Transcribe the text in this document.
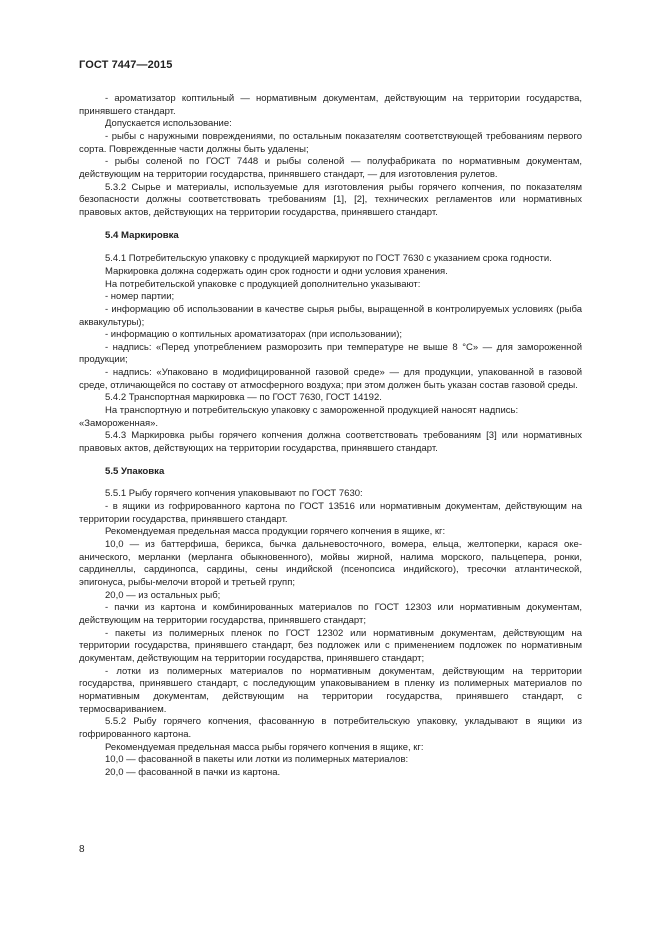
ГОСТ 7447—2015

- ароматизатор коптильный — нормативным документам, действующим на территории государства, принявшего стандарт.

Допускается использование:

- рыбы с наружными повреждениями, по остальным показателям соответствующей требованиям первого сорта. Поврежденные части должны быть удалены;

- рыбы соленой по ГОСТ 7448 и рыбы соленой — полуфабриката по нормативным документам, действующим на территории государства, принявшего стандарт, — для изготовления рулетов.

5.3.2 Сырье и материалы, используемые для изготовления рыбы горячего копчения, по показателям безопасности должны соответствовать требованиям [1], [2], технических регламентов или нормативных правовых актов, действующих на территории государства, принявшего стандарт.

5.4 Маркировка

5.4.1 Потребительскую упаковку с продукцией маркируют по ГОСТ 7630 с указанием срока годности.

Маркировка должна содержать один срок годности и одни условия хранения.

На потребительской упаковке с продукцией дополнительно указывают:

- номер партии;

- информацию об использовании в качестве сырья рыбы, выращенной в контролируемых условиях (рыба аквакультуры);

- информацию о коптильных ароматизаторах (при использовании);

- надпись: «Перед употреблением разморозить при температуре не выше 8 °С» — для замороженной продукции;

- надпись: «Упаковано в модифицированной газовой среде» — для продукции, упакованной в газовой среде, отличающейся по составу от атмосферного воздуха; при этом должен быть указан состав газовой среды.

5.4.2 Транспортная маркировка — по ГОСТ 7630, ГОСТ 14192.

На транспортную и потребительскую упаковку с замороженной продукцией наносят надпись:

«Замороженная».

5.4.3 Маркировка рыбы горячего копчения должна соответствовать требованиям [3] или нормативных правовых актов, действующих на территории государства, принявшего стандарт.

5.5 Упаковка

5.5.1 Рыбу горячего копчения упаковывают по ГОСТ 7630:

- в ящики из гофрированного картона по ГОСТ 13516 или нормативным документам, действующим на территории государства, принявшего стандарт.

Рекомендуемая предельная масса продукции горячего копчения в ящике, кг:

10,0 — из баттерфиша, берикса, бычка дальневосточного, вомера, ельца, желтоперки, карася океанического, мерланки (мерланга обыкновенного), мойвы жирной, налима морского, пальцепера, ронки, сардинеллы, сардинопса, сардины, сены индийской (псенопсиса индийского), тресочки атлантической, эпигонуса, рыбы-мелочи второй и третьей групп;

20,0 — из остальных рыб;

- пачки из картона и комбинированных материалов по ГОСТ 12303 или нормативным документам, действующим на территории государства, принявшего стандарт;

- пакеты из полимерных пленок по ГОСТ 12302 или нормативным документам, действующим на территории государства, принявшего стандарт, без подложек или с применением подложек по нормативным документам, действующим на территории государства, принявшего стандарт;

- лотки из полимерных материалов по нормативным документам, действующим на территории государства, принявшего стандарт, с последующим упаковыванием в пленку из полимерных материалов по нормативным документам, действующим на территории государства, принявшего стандарт, с термосвариванием.

5.5.2 Рыбу горячего копчения, фасованную в потребительскую упаковку, укладывают в ящики из гофрированного картона.

Рекомендуемая предельная масса рыбы горячего копчения в ящике, кг:

10,0 — фасованной в пакеты или лотки из полимерных материалов:

20,0 — фасованной в пачки из картона.

8
